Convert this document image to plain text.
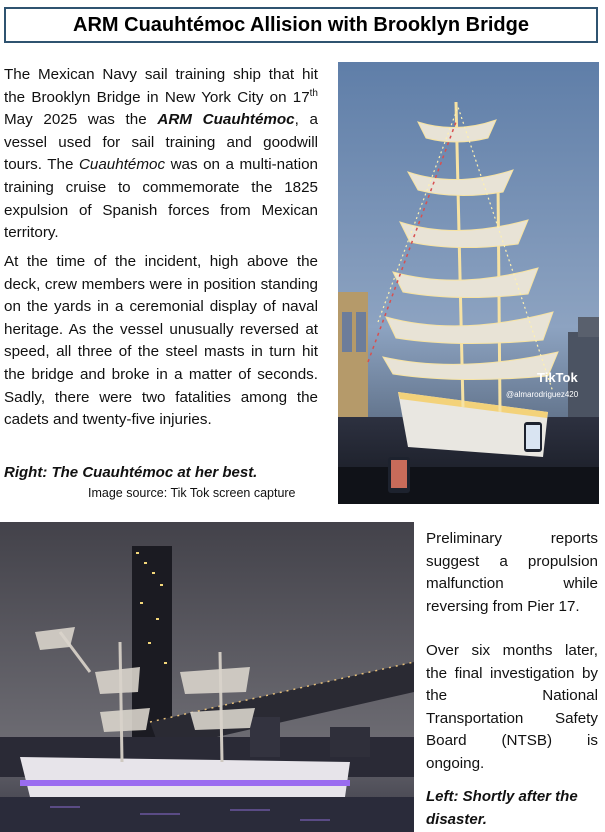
ARM Cuauhtémoc Allision with Brooklyn Bridge

The Mexican Navy sail training ship that hit the Brooklyn Bridge in New York City on 17th May 2025 was the ARM Cuauhtémoc, a vessel used for sail training and goodwill tours. The Cuauhtémoc was on a multi-nation training cruise to commemorate the 1825 expulsion of Spanish forces from Mexican territory.

At the time of the incident, high above the deck, crew members were in position standing on the yards in a ceremonial display of naval heritage. As the vessel unusually reversed at speed, all three of the steel masts in turn hit the bridge and broke in a matter of seconds. Sadly, there were two fatalities among the cadets and twenty-five injuries.

Right: The Cuauhtémoc at her best.
Image source: Tik Tok screen capture
TikTok
@almarodriguez420

Preliminary reports suggest a propulsion malfunction while reversing from Pier 17.

Over six months later, the final investigation by the National Transportation Safety Board (NTSB) is ongoing.

Left: Shortly after the disaster.
